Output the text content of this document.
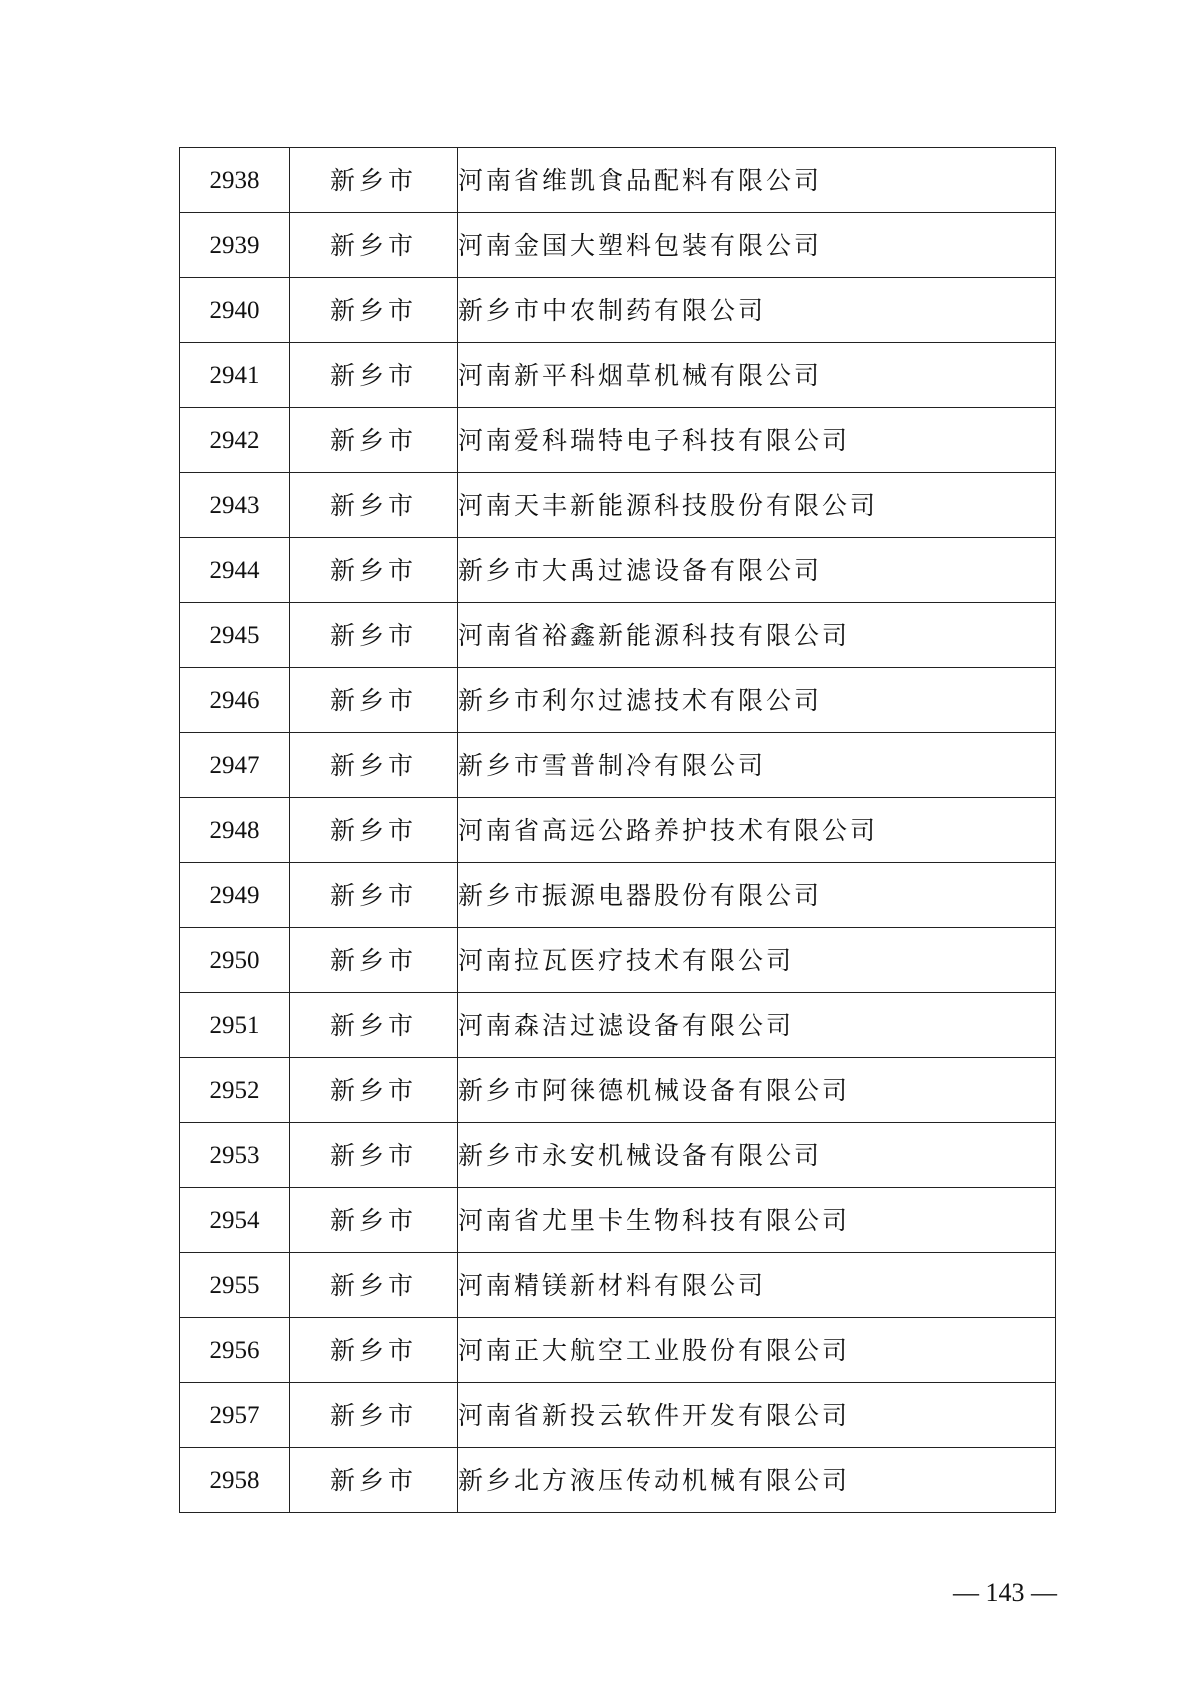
2938	新乡市	河南省维凯食品配料有限公司
2939	新乡市	河南金国大塑料包装有限公司
2940	新乡市	新乡市中农制药有限公司
2941	新乡市	河南新平科烟草机械有限公司
2942	新乡市	河南爱科瑞特电子科技有限公司
2943	新乡市	河南天丰新能源科技股份有限公司
2944	新乡市	新乡市大禹过滤设备有限公司
2945	新乡市	河南省裕鑫新能源科技有限公司
2946	新乡市	新乡市利尔过滤技术有限公司
2947	新乡市	新乡市雪普制冷有限公司
2948	新乡市	河南省高远公路养护技术有限公司
2949	新乡市	新乡市振源电器股份有限公司
2950	新乡市	河南拉瓦医疗技术有限公司
2951	新乡市	河南森洁过滤设备有限公司
2952	新乡市	新乡市阿徕德机械设备有限公司
2953	新乡市	新乡市永安机械设备有限公司
2954	新乡市	河南省尤里卡生物科技有限公司
2955	新乡市	河南精镁新材料有限公司
2956	新乡市	河南正大航空工业股份有限公司
2957	新乡市	河南省新投云软件开发有限公司
2958	新乡市	新乡北方液压传动机械有限公司
— 143 —
